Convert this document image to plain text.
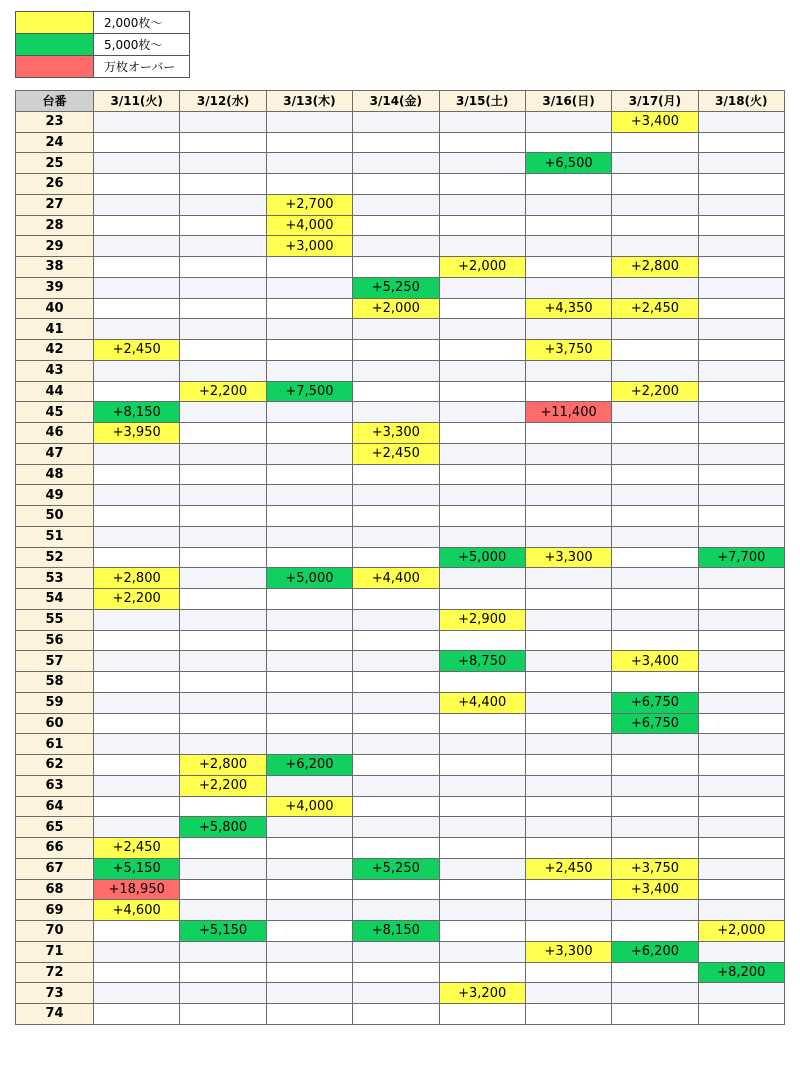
	2,000枚～
	5,000枚～
	万枚オーバー
台番	3/11(火)	3/12(水)	3/13(木)	3/14(金)	3/15(土)	3/16(日)	3/17(月)	3/18(火)
23							+3,400	
24								
25						+6,500		
26								
27			+2,700					
28			+4,000					
29			+3,000					
38					+2,000		+2,800	
39				+5,250				
40				+2,000		+4,350	+2,450	
41								
42	+2,450					+3,750		
43								
44		+2,200	+7,500				+2,200	
45	+8,150					+11,400		
46	+3,950			+3,300				
47				+2,450				
48								
49								
50								
51								
52					+5,000	+3,300		+7,700
53	+2,800		+5,000	+4,400				
54	+2,200							
55					+2,900			
56								
57					+8,750		+3,400	
58								
59					+4,400		+6,750	
60							+6,750	
61								
62		+2,800	+6,200					
63		+2,200						
64			+4,000					
65		+5,800						
66	+2,450							
67	+5,150			+5,250		+2,450	+3,750	
68	+18,950						+3,400	
69	+4,600							
70		+5,150		+8,150				+2,000
71						+3,300	+6,200	
72								+8,200
73					+3,200			
74								
